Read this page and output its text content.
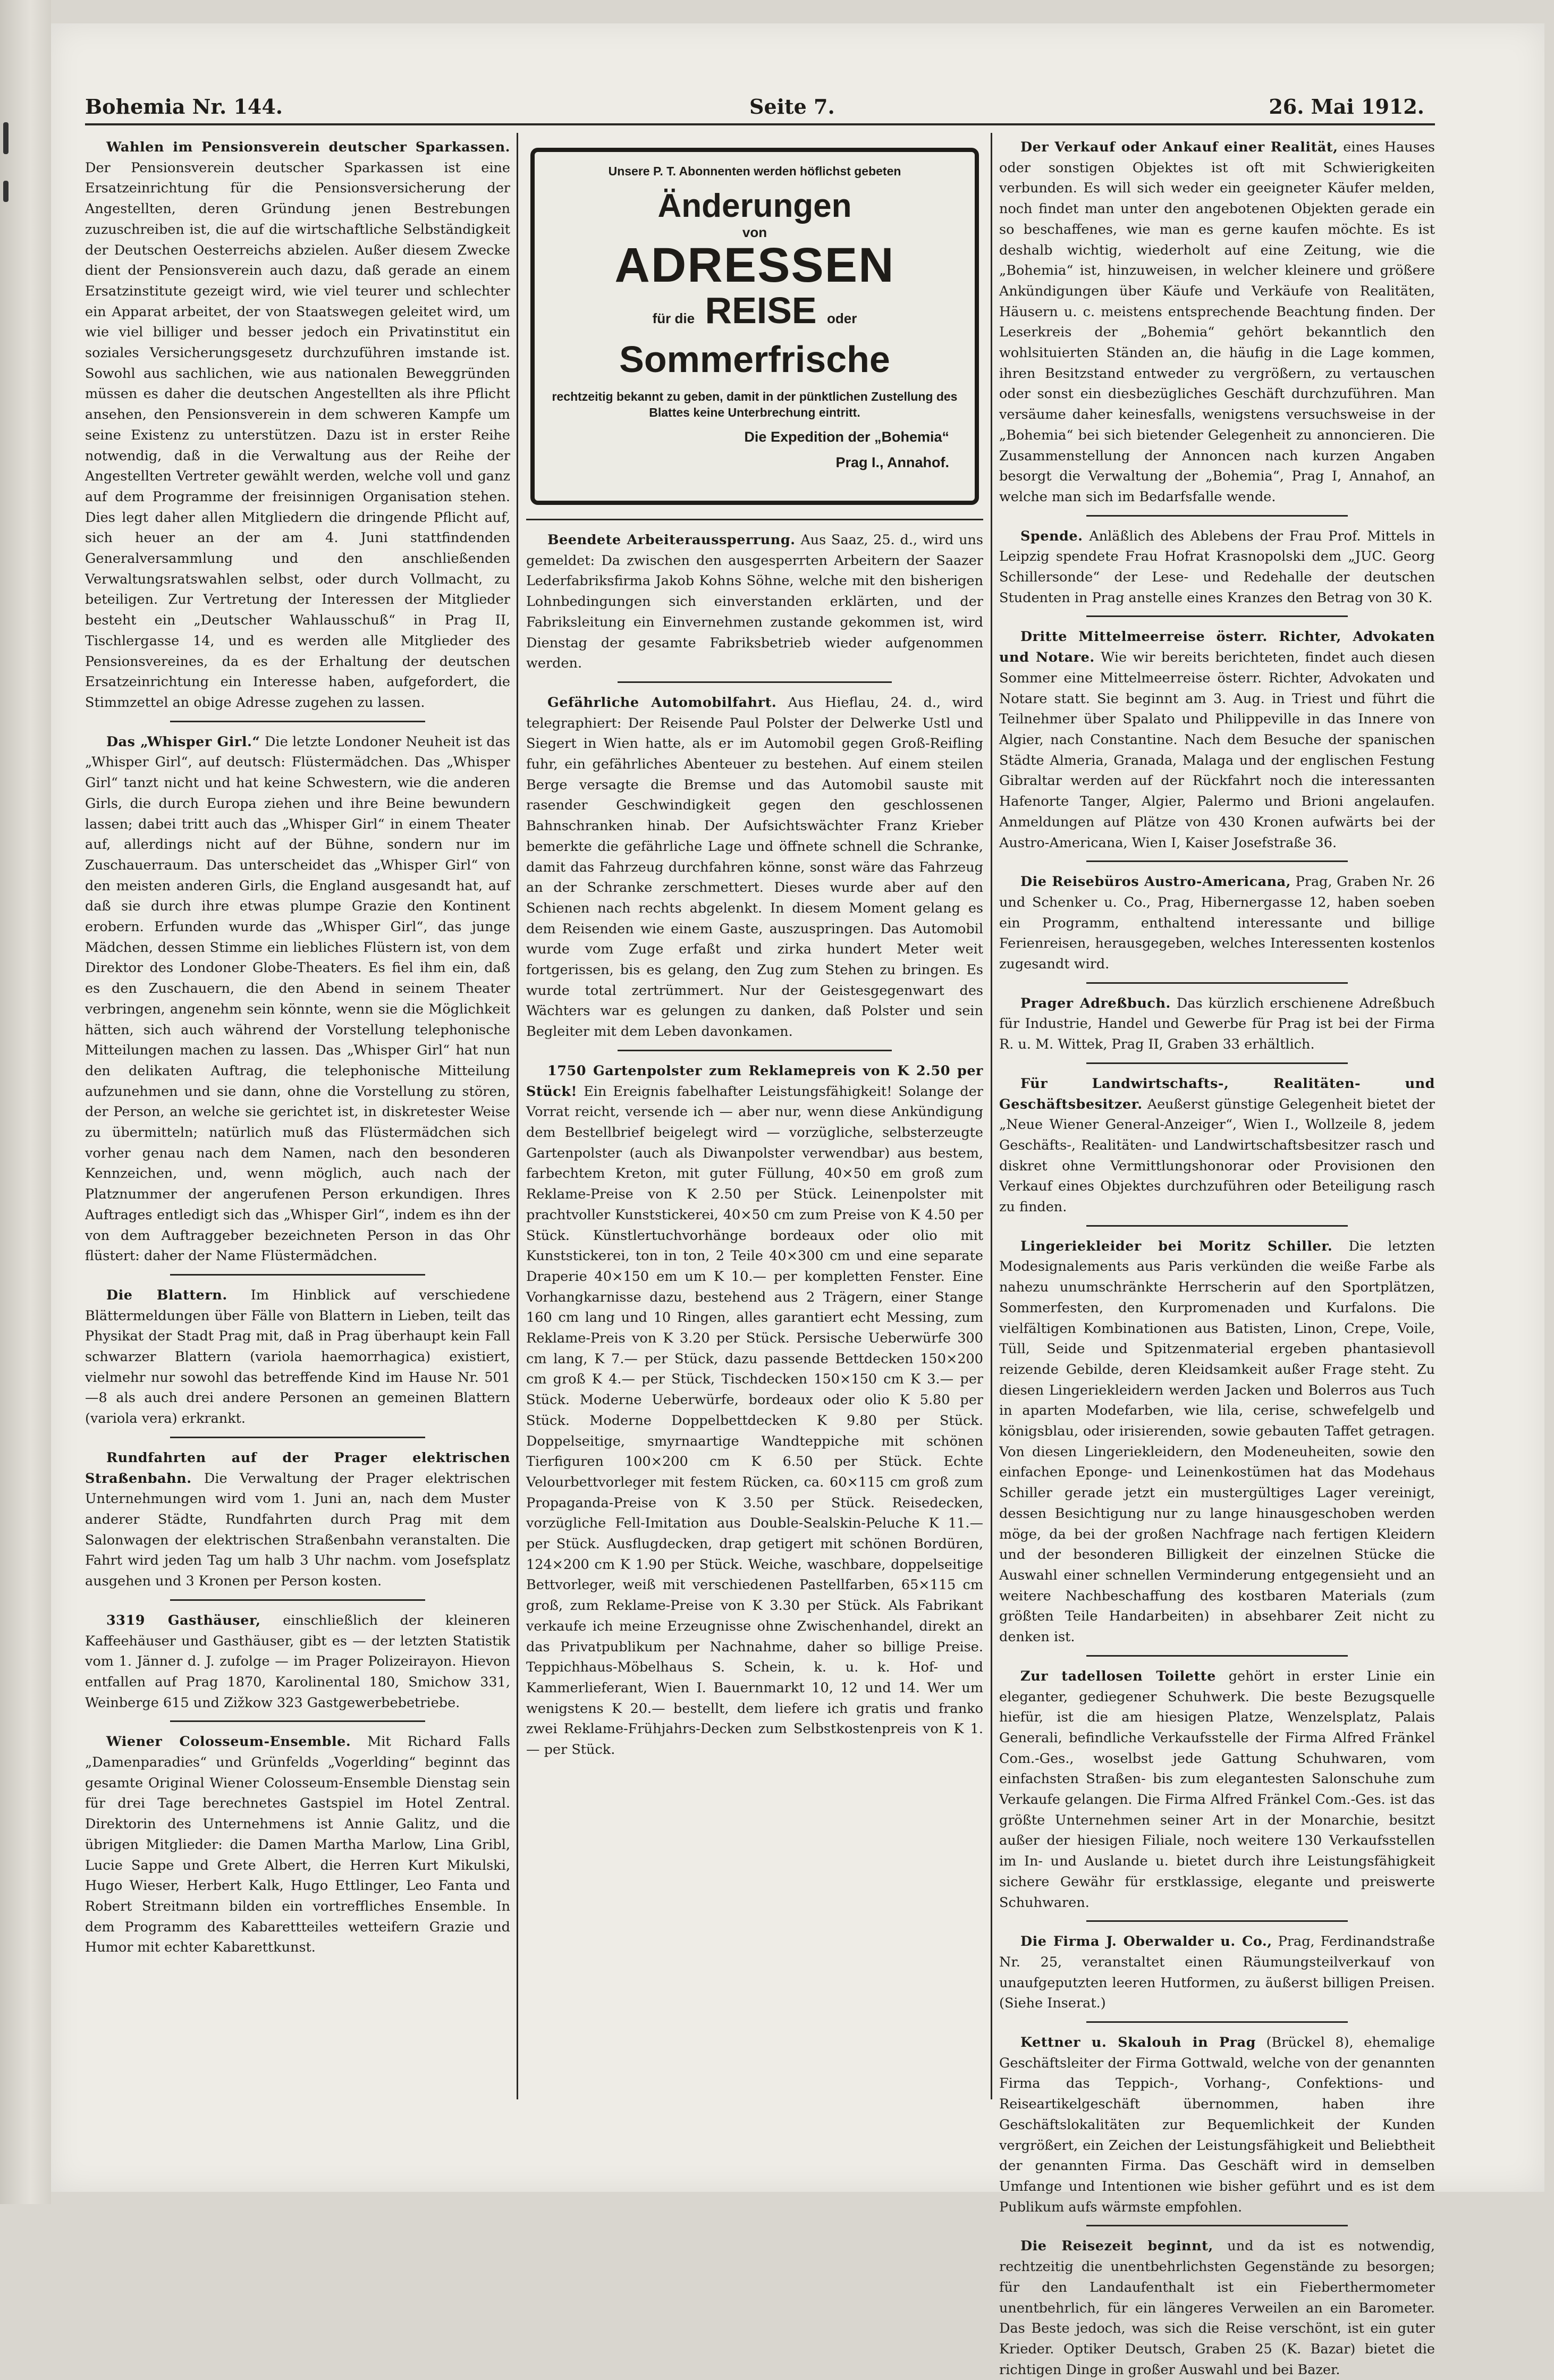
Bohemia Nr. 144.	Seite 7.	26. Mai 1912.

Wahlen im Pensionsverein deutscher Sparkassen. Der Pensionsverein deutscher Sparkassen ist eine Ersatzeinrichtung für die Pensionsversicherung der Angestellten, deren Gründung jenen Bestrebungen zuzuschreiben ist, die auf die wirtschaftliche Selbständigkeit der Deutschen Oesterreichs abzielen. Außer diesem Zwecke dient der Pensionsverein auch dazu, daß gerade an einem Ersatzinstitute gezeigt wird, wie viel teurer und schlechter ein Apparat arbeitet, der von Staatswegen geleitet wird, um wie viel billiger und besser jedoch ein Privatinstitut ein soziales Versicherungsgesetz durchzuführen imstande ist. Sowohl aus sachlichen, wie aus nationalen Beweggründen müssen es daher die deutschen Angestellten als ihre Pflicht ansehen, den Pensionsverein in dem schweren Kampfe um seine Existenz zu unterstützen. Dazu ist in erster Reihe notwendig, daß in die Verwaltung aus der Reihe der Angestellten Vertreter gewählt werden, welche voll und ganz auf dem Programme der freisinnigen Organisation stehen. Dies legt daher allen Mitgliedern die dringende Pflicht auf, sich heuer an der am 4. Juni stattfindenden Generalversammlung und den anschließenden Verwaltungsratswahlen selbst, oder durch Vollmacht, zu beteiligen. Zur Vertretung der Interessen der Mitglieder besteht ein „Deutscher Wahlausschuß“ in Prag II, Tischlergasse 14, und es werden alle Mitglieder des Pensionsvereines, da es der Erhaltung der deutschen Ersatzeinrichtung ein Interesse haben, aufgefordert, die Stimmzettel an obige Adresse zugehen zu lassen.

Das „Whisper Girl.“ Die letzte Londoner Neuheit ist das „Whisper Girl“, auf deutsch: Flüstermädchen. Das „Whisper Girl“ tanzt nicht und hat keine Schwestern, wie die anderen Girls, die durch Europa ziehen und ihre Beine bewundern lassen; dabei tritt auch das „Whisper Girl“ in einem Theater auf, allerdings nicht auf der Bühne, sondern nur im Zuschauerraum. Das unterscheidet das „Whisper Girl“ von den meisten anderen Girls, die England ausgesandt hat, auf daß sie durch ihre etwas plumpe Grazie den Kontinent erobern. Erfunden wurde das „Whisper Girl“, das junge Mädchen, dessen Stimme ein liebliches Flüstern ist, von dem Direktor des Londoner Globe-Theaters. Es fiel ihm ein, daß es den Zuschauern, die den Abend in seinem Theater verbringen, angenehm sein könnte, wenn sie die Möglichkeit hätten, sich auch während der Vorstellung telephonische Mitteilungen machen zu lassen. Das „Whisper Girl“ hat nun den delikaten Auftrag, die telephonische Mitteilung aufzunehmen und sie dann, ohne die Vorstellung zu stören, der Person, an welche sie gerichtet ist, in diskretester Weise zu übermitteln; natürlich muß das Flüstermädchen sich vorher genau nach dem Namen, nach den besonderen Kennzeichen, und, wenn möglich, auch nach der Platznummer der angerufenen Person erkundigen. Ihres Auftrages entledigt sich das „Whisper Girl“, indem es ihn der von dem Auftraggeber bezeichneten Person in das Ohr flüstert: daher der Name Flüstermädchen.

Die Blattern. Im Hinblick auf verschiedene Blättermeldungen über Fälle von Blattern in Lieben, teilt das Physikat der Stadt Prag mit, daß in Prag überhaupt kein Fall schwarzer Blattern (variola haemorrhagica) existiert, vielmehr nur sowohl das betreffende Kind im Hause Nr. 501—8 als auch drei andere Personen an gemeinen Blattern (variola vera) erkrankt.

Rundfahrten auf der Prager elektrischen Straßenbahn. Die Verwaltung der Prager elektrischen Unternehmungen wird vom 1. Juni an, nach dem Muster anderer Städte, Rundfahrten durch Prag mit dem Salonwagen der elektrischen Straßenbahn veranstalten. Die Fahrt wird jeden Tag um halb 3 Uhr nachm. vom Josefsplatz ausgehen und 3 Kronen per Person kosten.

3319 Gasthäuser, einschließlich der kleineren Kaffeehäuser und Gasthäuser, gibt es — der letzten Statistik vom 1. Jänner d. J. zufolge — im Prager Polizeirayon. Hievon entfallen auf Prag 1870, Karolinental 180, Smichow 331, Weinberge 615 und Zižkow 323 Gastgewerbebetriebe.

Wiener Colosseum-Ensemble. Mit Richard Falls „Damenparadies“ und Grünfelds „Vogerlding“ beginnt das gesamte Original Wiener Colosseum-Ensemble Dienstag sein für drei Tage berechnetes Gastspiel im Hotel Zentral. Direktorin des Unternehmens ist Annie Galitz, und die übrigen Mitglieder: die Damen Martha Marlow, Lina Gribl, Lucie Sappe und Grete Albert, die Herren Kurt Mikulski, Hugo Wieser, Herbert Kalk, Hugo Ettlinger, Leo Fanta und Robert Streitmann bilden ein vortreffliches Ensemble. In dem Programm des Kabarettteiles wetteifern Grazie und Humor mit echter Kabarettkunst.

Unsere P. T. Abonnenten werden höflichst gebeten
Änderungen
von
ADRESSEN
für die REISE oder
Sommerfrische
rechtzeitig bekannt zu geben, damit in der pünktlichen Zustellung des Blattes keine Unterbrechung eintritt.
Die Expedition der „Bohemia“
Prag I., Annahof.

Beendete Arbeiteraussperrung. Aus Saaz, 25. d., wird uns gemeldet: Da zwischen den ausgesperrten Arbeitern der Saazer Lederfabriksfirma Jakob Kohns Söhne, welche mit den bisherigen Lohnbedingungen sich einverstanden erklärten, und der Fabriksleitung ein Einvernehmen zustande gekommen ist, wird Dienstag der gesamte Fabriksbetrieb wieder aufgenommen werden.

Gefährliche Automobilfahrt. Aus Hieflau, 24. d., wird telegraphiert: Der Reisende Paul Polster der Delwerke Ustl und Siegert in Wien hatte, als er im Automobil gegen Groß-Reifling fuhr, ein gefährliches Abenteuer zu bestehen. Auf einem steilen Berge versagte die Bremse und das Automobil sauste mit rasender Geschwindigkeit gegen den geschlossenen Bahnschranken hinab. Der Aufsichtswächter Franz Krieber bemerkte die gefährliche Lage und öffnete schnell die Schranke, damit das Fahrzeug durchfahren könne, sonst wäre das Fahrzeug an der Schranke zerschmettert. Dieses wurde aber auf den Schienen nach rechts abgelenkt. In diesem Moment gelang es dem Reisenden wie einem Gaste, auszuspringen. Das Automobil wurde vom Zuge erfaßt und zirka hundert Meter weit fortgerissen, bis es gelang, den Zug zum Stehen zu bringen. Es wurde total zertrümmert. Nur der Geistesgegenwart des Wächters war es gelungen zu danken, daß Polster und sein Begleiter mit dem Leben davonkamen.

1750 Gartenpolster zum Reklamepreis von K 2.50 per Stück! Ein Ereignis fabelhafter Leistungsfähigkeit! Solange der Vorrat reicht, versende ich — aber nur, wenn diese Ankündigung dem Bestellbrief beigelegt wird — vorzügliche, selbsterzeugte Gartenpolster (auch als Diwanpolster verwendbar) aus bestem, farbechtem Kreton, mit guter Füllung, 40×50 em groß zum Reklame-Preise von K 2.50 per Stück. Leinenpolster mit prachtvoller Kunststickerei, 40×50 cm zum Preise von K 4.50 per Stück. Künstlertuchvorhänge bordeaux oder olio mit Kunststickerei, ton in ton, 2 Teile 40×300 cm und eine separate Draperie 40×150 em um K 10.— per kompletten Fenster. Eine Vorhangkarnisse dazu, bestehend aus 2 Trägern, einer Stange 160 cm lang und 10 Ringen, alles garantiert echt Messing, zum Reklame-Preis von K 3.20 per Stück. Persische Ueberwürfe 300 cm lang, K 7.— per Stück, dazu passende Bettdecken 150×200 cm groß K 4.— per Stück, Tischdecken 150×150 cm K 3.— per Stück. Moderne Ueberwürfe, bordeaux oder olio K 5.80 per Stück. Moderne Doppelbettdecken K 9.80 per Stück. Doppelseitige, smyrnaartige Wandteppiche mit schönen Tierfiguren 100×200 cm K 6.50 per Stück. Echte Velourbettvorleger mit festem Rücken, ca. 60×115 cm groß zum Propaganda-Preise von K 3.50 per Stück. Reisedecken, vorzügliche Fell-Imitation aus Double-Sealskin-Peluche K 11.— per Stück. Ausflugdecken, drap getigert mit schönen Bordüren, 124×200 cm K 1.90 per Stück. Weiche, waschbare, doppelseitige Bettvorleger, weiß mit verschiedenen Pastellfarben, 65×115 cm groß, zum Reklame-Preise von K 3.30 per Stück. Als Fabrikant verkaufe ich meine Erzeugnisse ohne Zwischenhandel, direkt an das Privatpublikum per Nachnahme, daher so billige Preise. Teppichhaus-Möbelhaus S. Schein, k. u. k. Hof- und Kammerlieferant, Wien I. Bauernmarkt 10, 12 und 14. Wer um wenigstens K 20.— bestellt, dem liefere ich gratis und franko zwei Reklame-Frühjahrs-Decken zum Selbstkostenpreis von K 1.— per Stück.

Der Verkauf oder Ankauf einer Realität, eines Hauses oder sonstigen Objektes ist oft mit Schwierigkeiten verbunden. Es will sich weder ein geeigneter Käufer melden, noch findet man unter den angebotenen Objekten gerade ein so beschaffenes, wie man es gerne kaufen möchte. Es ist deshalb wichtig, wiederholt auf eine Zeitung, wie die „Bohemia“ ist, hinzuweisen, in welcher kleinere und größere Ankündigungen über Käufe und Verkäufe von Realitäten, Häusern u. c. meistens entsprechende Beachtung finden. Der Leserkreis der „Bohemia“ gehört bekanntlich den wohlsituierten Ständen an, die häufig in die Lage kommen, ihren Besitzstand entweder zu vergrößern, zu vertauschen oder sonst ein diesbezügliches Geschäft durchzuführen. Man versäume daher keinesfalls, wenigstens versuchsweise in der „Bohemia“ bei sich bietender Gelegenheit zu annoncieren. Die Zusammenstellung der Annoncen nach kurzen Angaben besorgt die Verwaltung der „Bohemia“, Prag I, Annahof, an welche man sich im Bedarfsfalle wende.

Spende. Anläßlich des Ablebens der Frau Prof. Mittels in Leipzig spendete Frau Hofrat Krasnopolski dem „JUC. Georg Schillersonde“ der Lese- und Redehalle der deutschen Studenten in Prag anstelle eines Kranzes den Betrag von 30 K.

Dritte Mittelmeerreise österr. Richter, Advokaten und Notare. Wie wir bereits berichteten, findet auch diesen Sommer eine Mittelmeerreise österr. Richter, Advokaten und Notare statt. Sie beginnt am 3. Aug. in Triest und führt die Teilnehmer über Spalato und Philippeville in das Innere von Algier, nach Constantine. Nach dem Besuche der spanischen Städte Almeria, Granada, Malaga und der englischen Festung Gibraltar werden auf der Rückfahrt noch die interessanten Hafenorte Tanger, Algier, Palermo und Brioni angelaufen. Anmeldungen auf Plätze von 430 Kronen aufwärts bei der Austro-Americana, Wien I, Kaiser Josefstraße 36.

Die Reisebüros Austro-Americana, Prag, Graben Nr. 26 und Schenker u. Co., Prag, Hibernergasse 12, haben soeben ein Programm, enthaltend interessante und billige Ferienreisen, herausgegeben, welches Interessenten kostenlos zugesandt wird.

Prager Adreßbuch. Das kürzlich erschienene Adreßbuch für Industrie, Handel und Gewerbe für Prag ist bei der Firma R. u. M. Wittek, Prag II, Graben 33 erhältlich.

Für Landwirtschafts-, Realitäten- und Geschäftsbesitzer. Aeußerst günstige Gelegenheit bietet der „Neue Wiener General-Anzeiger“, Wien I., Wollzeile 8, jedem Geschäfts-, Realitäten- und Landwirtschaftsbesitzer rasch und diskret ohne Vermittlungshonorar oder Provisionen den Verkauf eines Objektes durchzuführen oder Beteiligung rasch zu finden.

Lingeriekleider bei Moritz Schiller. Die letzten Modesignalements aus Paris verkünden die weiße Farbe als nahezu unumschränkte Herrscherin auf den Sportplätzen, Sommerfesten, den Kurpromenaden und Kurfalons. Die vielfältigen Kombinationen aus Batisten, Linon, Crepe, Voile, Tüll, Seide und Spitzenmaterial ergeben phantasievoll reizende Gebilde, deren Kleidsamkeit außer Frage steht. Zu diesen Lingeriekleidern werden Jacken und Bolerros aus Tuch in aparten Modefarben, wie lila, cerise, schwefelgelb und königsblau, oder irisierenden, sowie gebauten Taffet getragen. Von diesen Lingeriekleidern, den Modeneuheiten, sowie den einfachen Eponge- und Leinenkostümen hat das Modehaus Schiller gerade jetzt ein mustergültiges Lager vereinigt, dessen Besichtigung nur zu lange hinausgeschoben werden möge, da bei der großen Nachfrage nach fertigen Kleidern und der besonderen Billigkeit der einzelnen Stücke die Auswahl einer schnellen Verminderung entgegensieht und an weitere Nachbeschaffung des kostbaren Materials (zum größten Teile Handarbeiten) in absehbarer Zeit nicht zu denken ist.

Zur tadellosen Toilette gehört in erster Linie ein eleganter, gediegener Schuhwerk. Die beste Bezugsquelle hiefür, ist die am hiesigen Platze, Wenzelsplatz, Palais Generali, befindliche Verkaufsstelle der Firma Alfred Fränkel Com.-Ges., woselbst jede Gattung Schuhwaren, vom einfachsten Straßen- bis zum elegantesten Salonschuhe zum Verkaufe gelangen. Die Firma Alfred Fränkel Com.-Ges. ist das größte Unternehmen seiner Art in der Monarchie, besitzt außer der hiesigen Filiale, noch weitere 130 Verkaufsstellen im In- und Auslande u. bietet durch ihre Leistungsfähigkeit sichere Gewähr für erstklassige, elegante und preiswerte Schuhwaren.

Die Firma J. Oberwalder u. Co., Prag, Ferdinandstraße Nr. 25, veranstaltet einen Räumungsteilverkauf von unaufgeputzten leeren Hutformen, zu äußerst billigen Preisen. (Siehe Inserat.)

Kettner u. Skalouh in Prag (Brückel 8), ehemalige Geschäftsleiter der Firma Gottwald, welche von der genannten Firma das Teppich-, Vorhang-, Confektions- und Reiseartikelgeschäft übernommen, haben ihre Geschäftslokalitäten zur Bequemlichkeit der Kunden vergrößert, ein Zeichen der Leistungsfähigkeit und Beliebtheit der genannten Firma. Das Geschäft wird in demselben Umfange und Intentionen wie bisher geführt und es ist dem Publikum aufs wärmste empfohlen.

Die Reisezeit beginnt, und da ist es notwendig, rechtzeitig die unentbehrlichsten Gegenstände zu besorgen; für den Landaufenthalt ist ein Fieberthermometer unentbehrlich, für ein längeres Verweilen an ein Barometer. Das Beste jedoch, was sich die Reise verschönt, ist ein guter Krieder. Optiker Deutsch, Graben 25 (K. Bazar) bietet die richtigen Dinge in großer Auswahl und bei Bazer.
